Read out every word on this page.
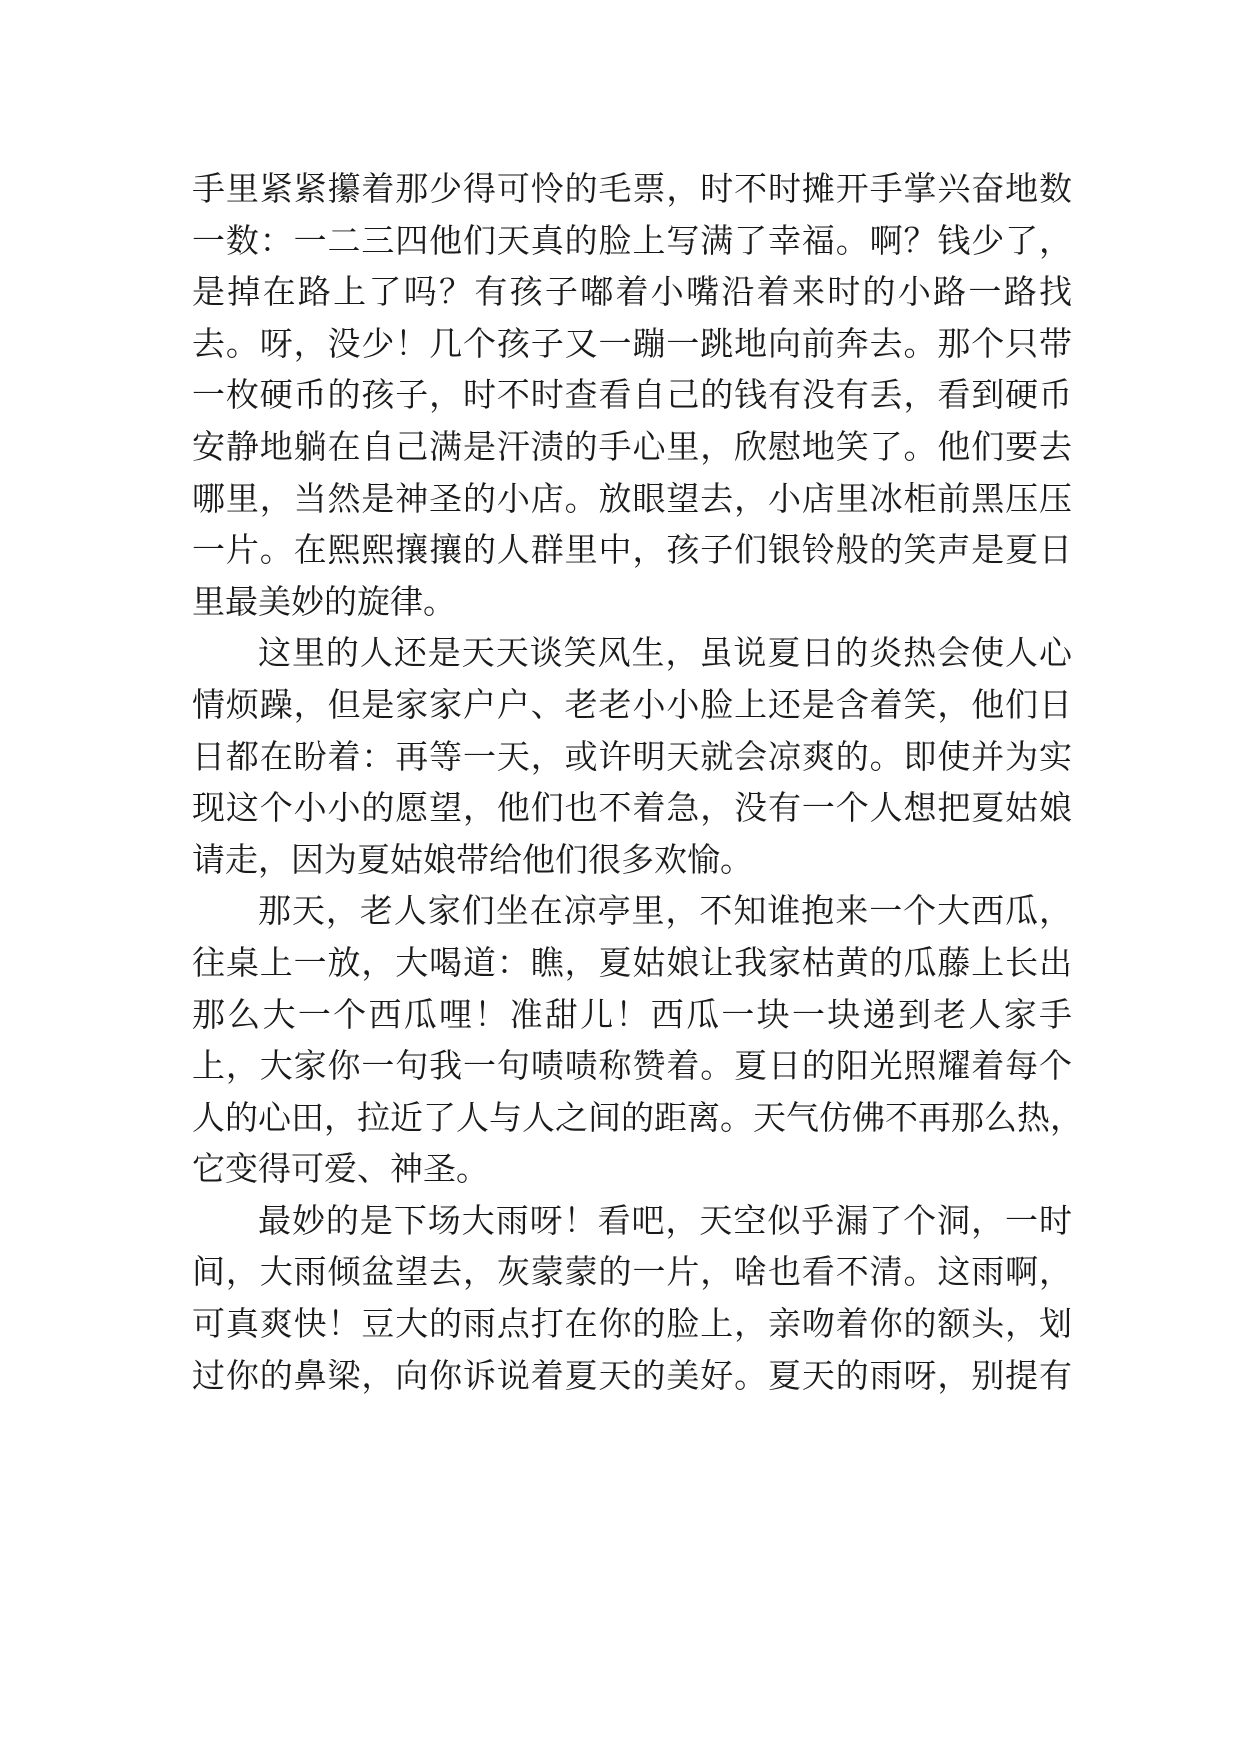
手里紧紧攥着那少得可怜的毛票，时不时摊开手掌兴奋地数
一数：一二三四他们天真的脸上写满了幸福。啊？钱少了，
是掉在路上了吗？有孩子嘟着小嘴沿着来时的小路一路找
去。呀，没少！几个孩子又一蹦一跳地向前奔去。那个只带
一枚硬币的孩子，时不时查看自己的钱有没有丢，看到硬币
安静地躺在自己满是汗渍的手心里，欣慰地笑了。他们要去
哪里，当然是神圣的小店。放眼望去，小店里冰柜前黑压压
一片。在熙熙攘攘的人群里中，孩子们银铃般的笑声是夏日
里最美妙的旋律。
这里的人还是天天谈笑风生，虽说夏日的炎热会使人心
情烦躁，但是家家户户、老老小小脸上还是含着笑，他们日
日都在盼着：再等一天，或许明天就会凉爽的。即使并为实
现这个小小的愿望，他们也不着急，没有一个人想把夏姑娘
请走，因为夏姑娘带给他们很多欢愉。
那天，老人家们坐在凉亭里，不知谁抱来一个大西瓜，
往桌上一放，大喝道：瞧，夏姑娘让我家枯黄的瓜藤上长出
那么大一个西瓜哩！准甜儿！西瓜一块一块递到老人家手
上，大家你一句我一句啧啧称赞着。夏日的阳光照耀着每个
人的心田，拉近了人与人之间的距离。天气仿佛不再那么热，
它变得可爱、神圣。
最妙的是下场大雨呀！看吧，天空似乎漏了个洞，一时
间，大雨倾盆望去，灰蒙蒙的一片，啥也看不清。这雨啊，
可真爽快！豆大的雨点打在你的脸上，亲吻着你的额头，划
过你的鼻梁，向你诉说着夏天的美好。夏天的雨呀，别提有
